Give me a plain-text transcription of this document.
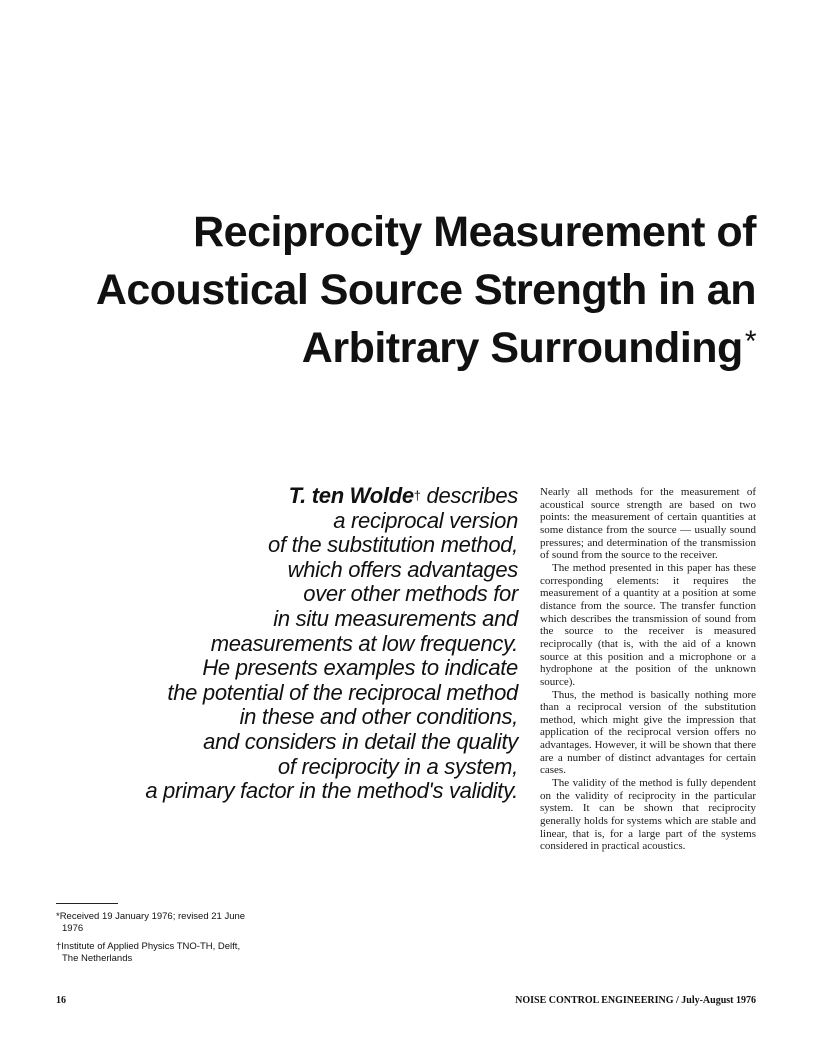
Reciprocity Measurement of
Acoustical Source Strength in an
Arbitrary Surrounding*
T. ten Wolde† describes
a reciprocal version
of the substitution method,
which offers advantages
over other methods for
in situ measurements and
measurements at low frequency.
He presents examples to indicate
the potential of the reciprocal method
in these and other conditions,
and considers in detail the quality
of reciprocity in a system,
a primary factor in the method's validity.

Nearly all methods for the measurement of acoustical source strength are based on two points: the measurement of certain quantities at some distance from the source — usually sound pressures; and determination of the transmission of sound from the source to the receiver.

The method presented in this paper has these corresponding elements: it requires the measurement of a quantity at a position at some distance from the source. The transfer function which describes the transmission of sound from the source to the receiver is measured reciprocally (that is, with the aid of a known source at this position and a microphone or a hydrophone at the position of the unknown source).

Thus, the method is basically nothing more than a reciprocal version of the substitution method, which might give the impression that application of the reciprocal version offers no advantages. However, it will be shown that there are a number of distinct advantages for certain cases.

The validity of the method is fully dependent on the validity of reciprocity in the particular system. It can be shown that reciprocity generally holds for systems which are stable and linear, that is, for a large part of the systems considered in practical acoustics.

*Received 19 January 1976; revised 21 June
1976
†Institute of Applied Physics TNO-TH, Delft,
The Netherlands
16	NOISE CONTROL ENGINEERING / July-August 1976
